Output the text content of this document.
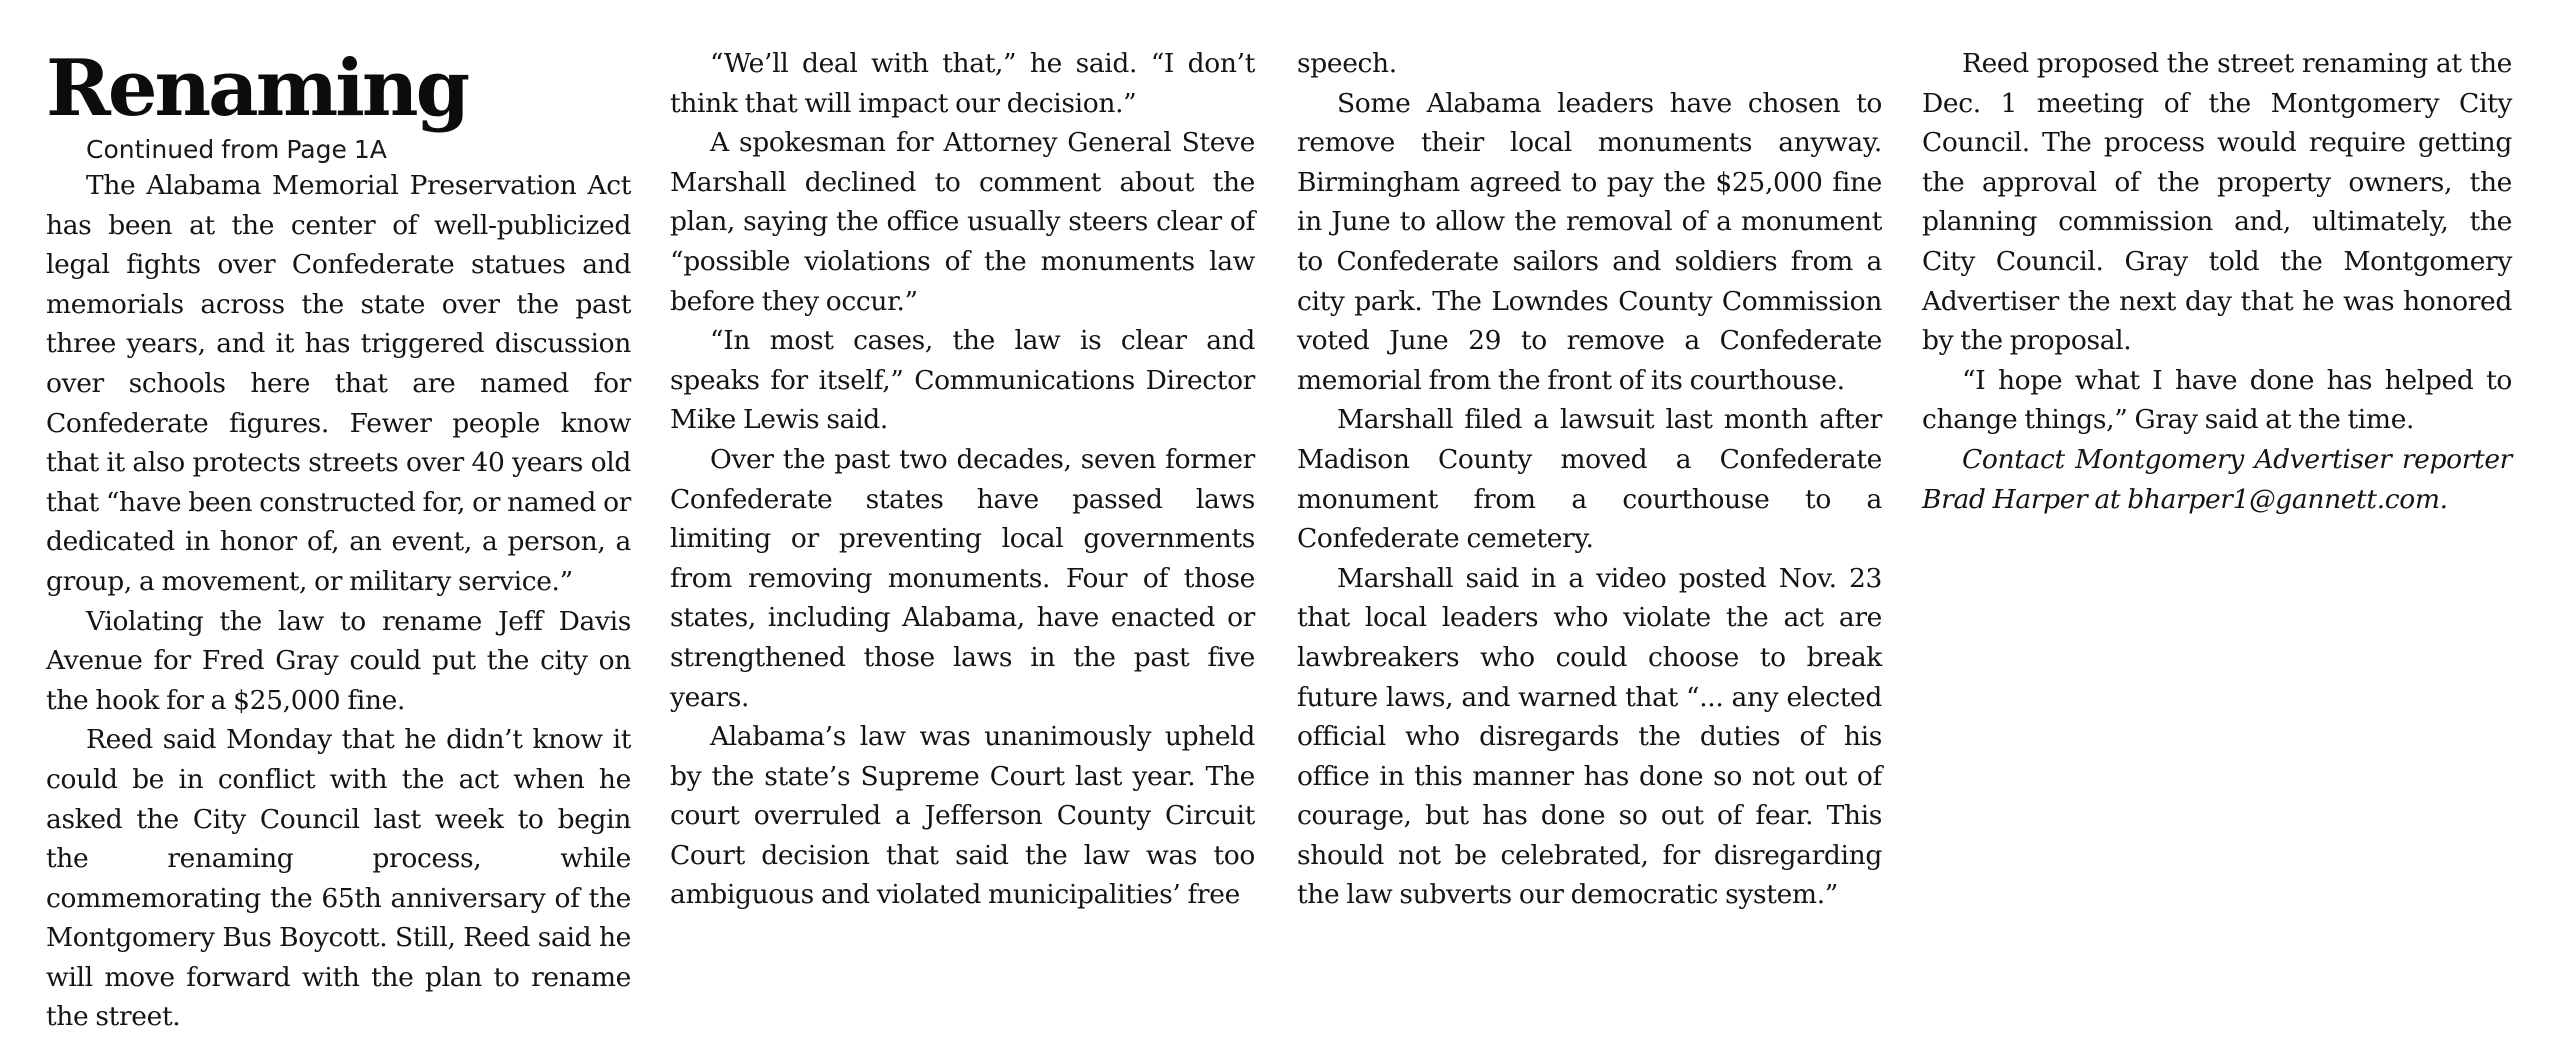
Renaming

Continued from Page 1A

The Alabama Memorial Preservation Act has been at the center of well-publicized legal fights over Confederate statues and memorials across the state over the past three years, and it has triggered discussion over schools here that are named for Confederate figures. Fewer people know that it also protects streets over 40 years old that “have been constructed for, or named or dedicated in honor of, an event, a person, a group, a movement, or military service.”

Violating the law to rename Jeff Davis Avenue for Fred Gray could put the city on the hook for a $25,000 fine.

Reed said Monday that he didn’t know it could be in conflict with the act when he asked the City Council last week to begin the renaming process, while commemorating the 65th anniversary of the Montgomery Bus Boycott. Still, Reed said he will move forward with the plan to rename the street.

“We’ll deal with that,” he said. “I don’t think that will impact our decision.”

A spokesman for Attorney General Steve Marshall declined to comment about the plan, saying the office usually steers clear of “possible violations of the monuments law before they occur.”

“In most cases, the law is clear and speaks for itself,” Communications Director Mike Lewis said.

Over the past two decades, seven former Confederate states have passed laws limiting or preventing local governments from removing monuments. Four of those states, including Alabama, have enacted or strengthened those laws in the past five years.

Alabama’s law was unanimously upheld by the state’s Supreme Court last year. The court overruled a Jefferson County Circuit Court decision that said the law was too ambiguous and violated municipalities’ free

speech.

Some Alabama leaders have chosen to remove their local monuments anyway. Birmingham agreed to pay the $25,000 fine in June to allow the removal of a monument to Confederate sailors and soldiers from a city park. The Lowndes County Commission voted June 29 to remove a Confederate memorial from the front of its courthouse.

Marshall filed a lawsuit last month after Madison County moved a Confederate monument from a courthouse to a Confederate cemetery.

Marshall said in a video posted Nov. 23 that local leaders who violate the act are lawbreakers who could choose to break future laws, and warned that “... any elected official who disregards the duties of his office in this manner has done so not out of courage, but has done so out of fear. This should not be celebrated, for disregarding the law subverts our democratic system.”

Reed proposed the street renaming at the Dec. 1 meeting of the Montgomery City Council. The process would require getting the approval of the property owners, the planning commission and, ultimately, the City Council. Gray told the Montgomery Advertiser the next day that he was honored by the proposal.

“I hope what I have done has helped to change things,” Gray said at the time.

Contact Montgomery Advertiser reporter Brad Harper at bharper1@gannett.com.
